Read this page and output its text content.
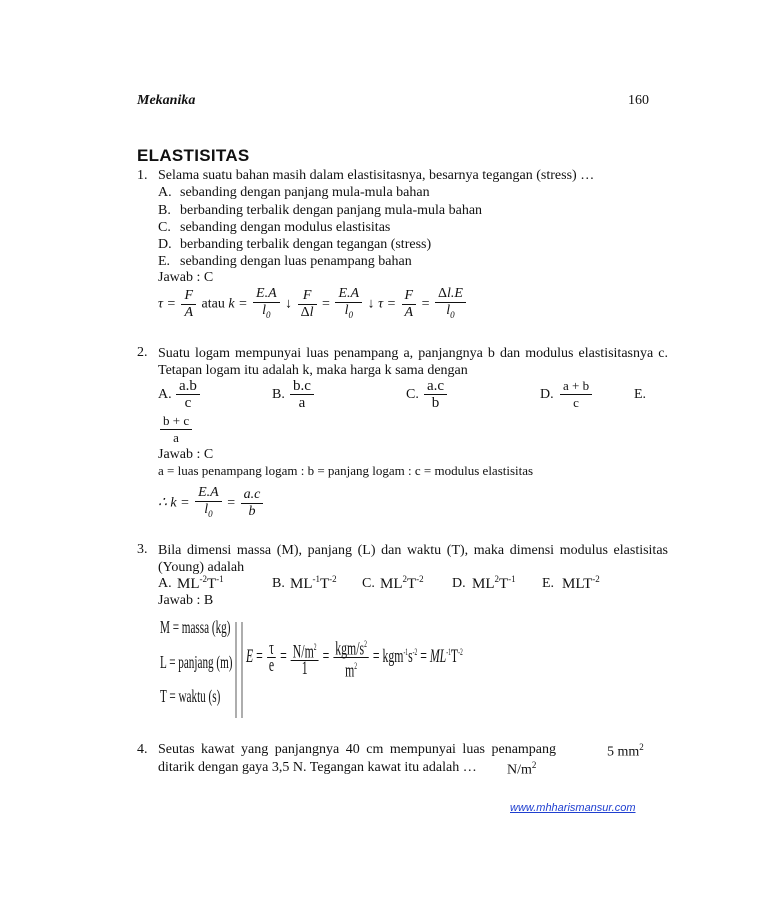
Mekanika	160
ELASTISITAS
1. Selama suatu bahan masih dalam elastisitasnya, besarnya tegangan (stress) …
A. sebanding dengan panjang mula-mula bahan
B. berbanding terbalik dengan panjang mula-mula bahan
C. sebanding dengan modulus elastisitas
D. berbanding terbalik dengan tegangan (stress)
E. sebanding dengan luas penampang bahan
Jawab : C
$\tau = \frac{F}{A}$ atau $k = \frac{E.A}{l_0}$ ↓ $\frac{F}{\Delta l} = \frac{E.A}{l_0}$ ↓ $\tau = \frac{F}{A} = \frac{\Delta l.E}{l_0}$
2. Suatu logam mempunyai luas penampang a, panjangnya b dan modulus elastisitasnya c. Tetapan logam itu adalah k, maka harga k sama dengan
A. $\frac{a.b}{c}$	B. $\frac{b.c}{a}$	C. $\frac{a.c}{b}$	D. $\frac{a + b}{c}$	E.
$\frac{b + c}{a}$
Jawab : C
a = luas penampang logam : b = panjang logam : c = modulus elastisitas
∴ $k = \frac{E.A}{l_0} = \frac{a.c}{b}$
3. Bila dimensi massa (M), panjang (L) dan waktu (T), maka dimensi modulus elastisitas (Young) adalah
A. $ML^{-2}T^{-1}$	B. $ML^{-1}T^{-2}$ C. $ML^2T^{-2}$ D. $ML^2T^{-1}$ E. $MLT^{-2}$
Jawab : B
M = massa (kg)
L = panjang (m)
T = waktu (s)
$E = \frac{\tau}{e} = \frac{N/m^2}{1} = \frac{kgm/s^2}{m^2} = kgm^{-1}s^{-2} = ML^{-1}T^{-2}$
4. Seutas kawat yang panjangnya 40 cm mempunyai luas penampang	5 $mm^2$
ditarik dengan gaya 3,5 N. Tegangan kawat itu adalah … $N/m^2$
www.mhharismansur.com
